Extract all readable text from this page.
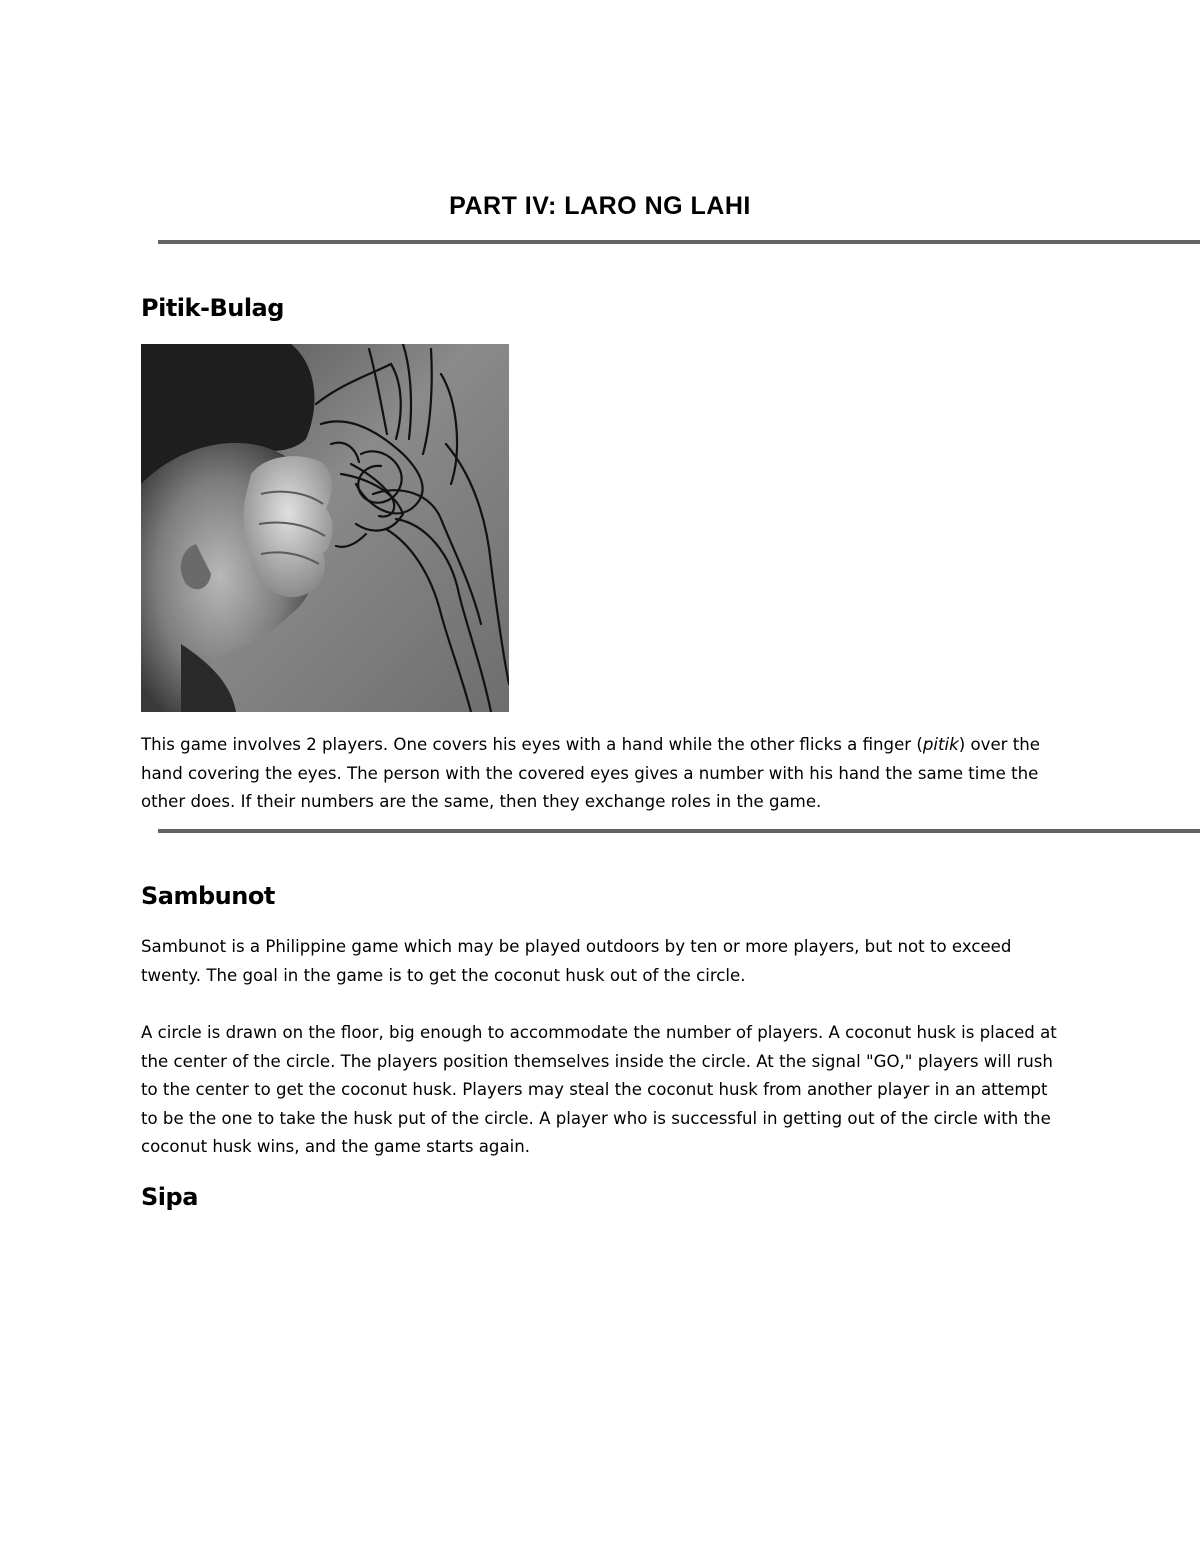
PART IV: LARO NG LAHI
Pitik-Bulag
This game involves 2 players. One covers his eyes with a hand while the other flicks a finger (pitik) over the hand covering the eyes. The person with the covered eyes gives a number with his hand the same time the other does. If their numbers are the same, then they exchange roles in the game.
Sambunot
Sambunot is a Philippine game which may be played outdoors by ten or more players, but not to exceed twenty. The goal in the game is to get the coconut husk out of the circle.
A circle is drawn on the floor, big enough to accommodate the number of players. A coconut husk is placed at the center of the circle. The players position themselves inside the circle. At the signal "GO," players will rush to the center to get the coconut husk. Players may steal the coconut husk from another player in an attempt to be the one to take the husk put of the circle. A player who is successful in getting out of the circle with the coconut husk wins, and the game starts again.
Sipa
